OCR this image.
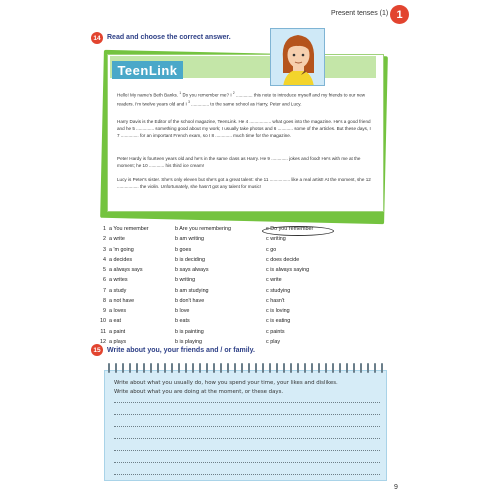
Present tenses (1) 1
14 Read and choose the correct answer.
TeenLink
Hello! My name's Beth Banks. $^1$ Do you remember me? I $^2$ ............. this note to introduce myself and my friends to our new readers. I'm twelve years old and I $^3$ .............. to the same school as Harry, Peter and Lucy.
Harry Davis is the Editor of the school magazine, TeenLink. He 4 ................. what goes into the magazine. He's a good friend and he 5 .............. something good about my work; I usually take photos and 6 ............ some of the articles. But these days, I 7 .............. for an important French exam, so I 8 ............. much time for the magazine.
Peter Hardy is fourteen years old and he's in the same class as Harry. He 9 ............. jokes and food! He's with me at the moment; he 10 ............ his third ice cream!
Lucy is Peter's sister. She's only eleven but she's got a great talent: she 11 ................ like a real artist! At the moment, she 12 ................. the violin. Unfortunately, she hasn't got any talent for music!
1 a You remember	b Are you remembering	c Do you remember
2 a write	b am writing	c writing
3 a 'm going	b goes	c go
4 a decides	b is deciding	c does decide
5 a always says	b says always	c is always saying
6 a writes	b writing	c write
7 a study	b am studying	c studying
8 a not have	b don't have	c hasn't
9 a loves	b love	c is loving
10 a eat	b eats	c is eating
11 a paint	b is painting	c paints
12 a plays	b is playing	c play
15 Write about you, your friends and / or family.
Write about what you usually do, how you spend your time, your likes and dislikes.
Write about what you are doing at the moment, or these days.
9
